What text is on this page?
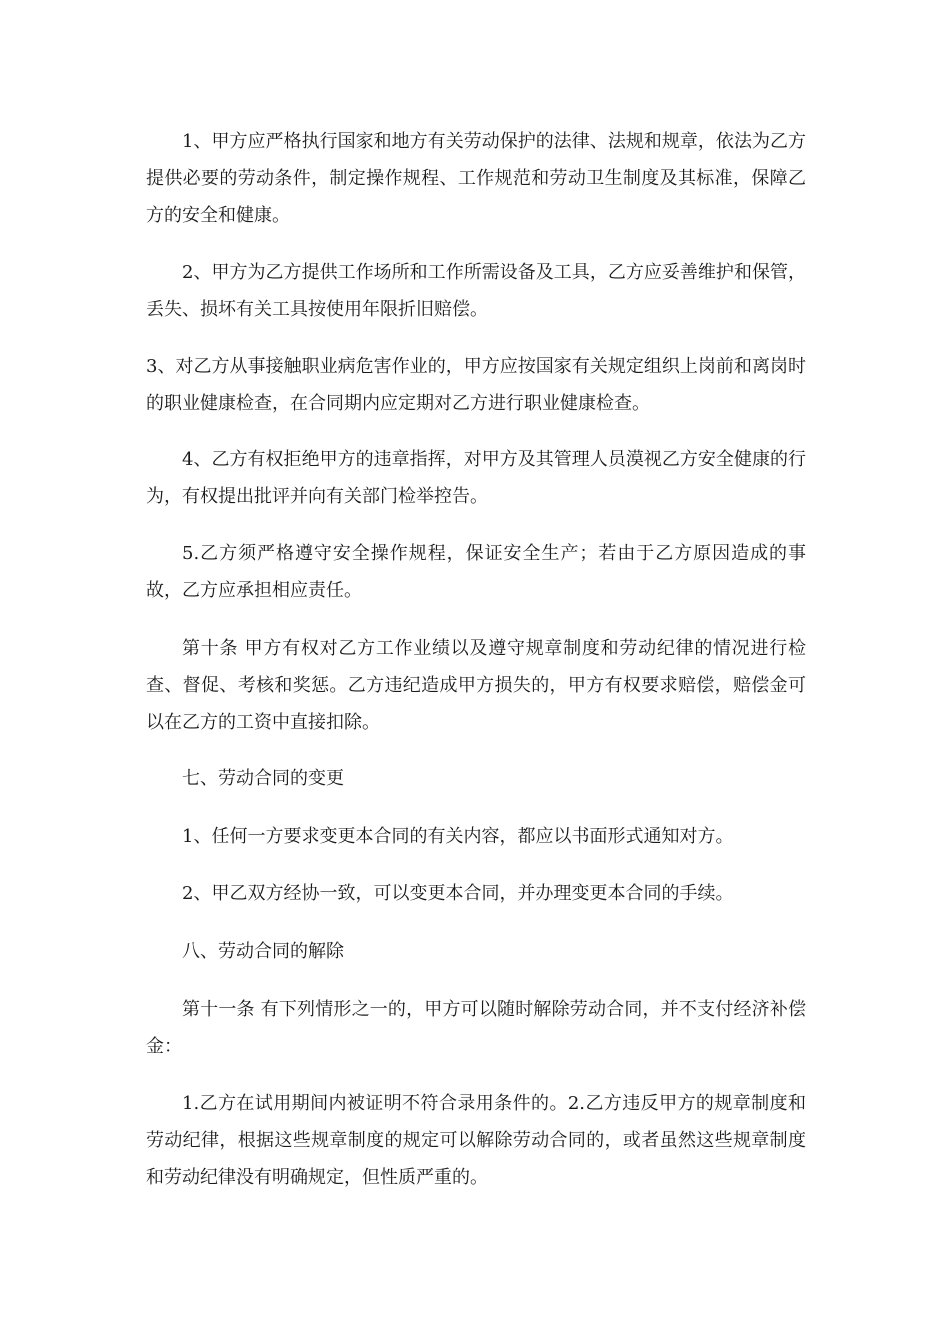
1、甲方应严格执行国家和地方有关劳动保护的法律、法规和规章，依法为乙方提供必要的劳动条件，制定操作规程、工作规范和劳动卫生制度及其标准，保障乙方的安全和健康。

2、甲方为乙方提供工作场所和工作所需设备及工具，乙方应妥善维护和保管，丢失、损坏有关工具按使用年限折旧赔偿。

3、对乙方从事接触职业病危害作业的，甲方应按国家有关规定组织上岗前和离岗时的职业健康检查，在合同期内应定期对乙方进行职业健康检查。

4、乙方有权拒绝甲方的违章指挥，对甲方及其管理人员漠视乙方安全健康的行为，有权提出批评并向有关部门检举控告。

5.乙方须严格遵守安全操作规程，保证安全生产；若由于乙方原因造成的事故，乙方应承担相应责任。

第十条 甲方有权对乙方工作业绩以及遵守规章制度和劳动纪律的情况进行检查、督促、考核和奖惩。乙方违纪造成甲方损失的，甲方有权要求赔偿，赔偿金可以在乙方的工资中直接扣除。

七、劳动合同的变更

1、任何一方要求变更本合同的有关内容，都应以书面形式通知对方。

2、甲乙双方经协一致，可以变更本合同，并办理变更本合同的手续。

八、劳动合同的解除

第十一条 有下列情形之一的，甲方可以随时解除劳动合同，并不支付经济补偿金：

1.乙方在试用期间内被证明不符合录用条件的。2.乙方违反甲方的规章制度和劳动纪律，根据这些规章制度的规定可以解除劳动合同的，或者虽然这些规章制度和劳动纪律没有明确规定，但性质严重的。
